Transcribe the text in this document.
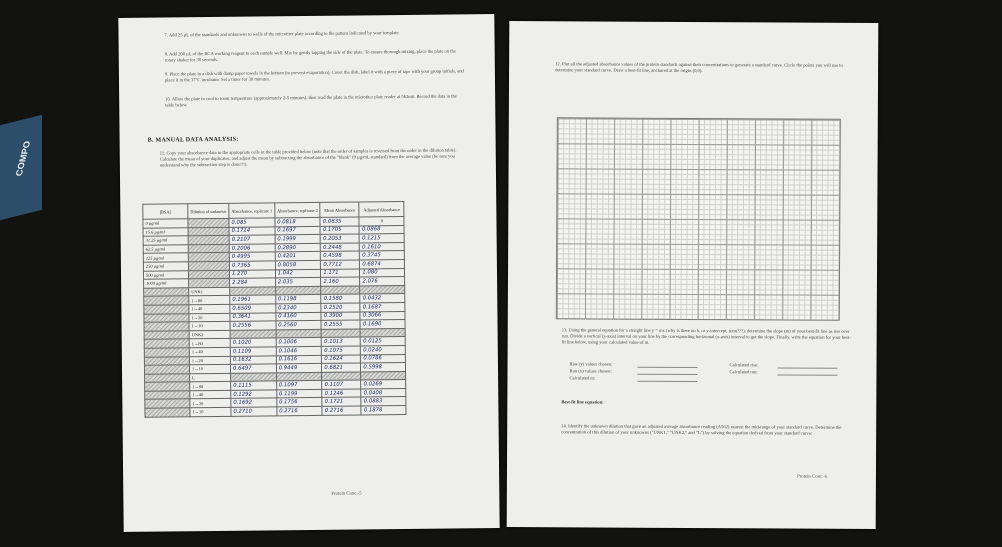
COMPO
7. Add 25 µL of the standards and unknowns to wells of the microtiter plate according to the pattern indicated by your template.
8. Add 200 µL of the BCA working reagent to each sample well. Mix by gently tapping the side of the plate. To ensure thorough mixing, place the plate on the rotary shaker for 30 seconds.
9. Place the plate in a dish with damp paper towels in the bottom (to prevent evaporation). Cover the dish, label it with a piece of tape with your group initials, and place it in the 37°C incubator. Set a timer for 30 minutes.
10. Allow the plate to cool to room temperature (approximately 2-5 minutes), then read the plate in the microtiter plate reader at 562nm. Record the data in the table below.
B. MANUAL DATA ANALYSIS:
11. Copy your absorbance data to the appropriate cells in the table provided below (note that the order of samples is reversed from the order in the dilution table). Calculate the mean of your duplicates, and adjust the mean by subtracting the absorbance of the "blank" (0 µg/mL standard) from the average value (be sure you understand why the subtraction step is done!!!).
[BSA]	Dilution of unknown	Absorbance, replicate 1	Absorbance, replicate 2	Mean Absorbance	Adjusted Absorbance
0 µg/ml		0.085	0.0818	0.0835	0
15.6 µg/ml		0.1714	0.1697	0.1705	0.0868
31.25 µg/ml		0.2107	0.1999	0.2053	0.1215
62.5 µg/ml		0.2006	0.2890	0.2448	0.1610
125 µg/ml		0.4995	0.4201	0.4598	0.3745
250 µg/ml		0.7365	0.8058	0.7712	0.6874
500 µg/ml		1.270	1.042	1.171	1.080
1000 µg/ml		2.284	2.035	2.160	2.076
	UNK1				
	1→80	0.1961	0.1198	0.1580	0.0432
	1→40	0.6509	0.2340	0.2520	0.1687
	1→20	0.3641	0.4160	0.3900	0.3066
	1→10	0.2556	0.2560	0.2555	0.1690
	UNK2				
	1→80	0.1020	0.1006	0.1013	0.0125
	1→40	0.1109	0.1046	0.1075	0.0240
	1→20	0.1632	0.1616	0.1624	0.0786
	1→10	0.6497	0.9449	0.6821	0.5998
	L				
	1→80	0.1115	0.1097	0.1107	0.0269
	1→40	0.1292	0.1199	0.1246	0.0408
	1→20	0.1692	0.1756	0.1721	0.0883
	1→10	0.2710	0.2716	0.2716	0.1878
Protein Conc.-5
12. Plot all the adjusted absorbance values of the protein standards against their concentrations to generate a standard curve. Circle the points you will use to determine your standard curve. Draw a best-fit line, anchored at the origin (0,0).
13. Using the general equation for a straight line y = mx (why is there no b, or y-intercept, term???), determine the slope (m) of your best-fit line as rise over run. Divide a vertical (y-axis) interval on your line by the corresponding horizontal (x-axis) interval to get the slope. Finally, write the equation for your best-fit line below, using your calculated value of m.
Rise (y) values chosen:	Calculated rise:
Run (x) values chosen:	Calculated run:
Calculated m:
Best-fit line equation:
14. Identify the unknown dilution that gave an adjusted average absorbance reading (A562) nearest the mid-range of your standard curve. Determine the concentration of this dilution of your unknowns ("UNK1," "UNK2," and "L") by solving the equation derived from your standard curve:
Protein Conc.-6
